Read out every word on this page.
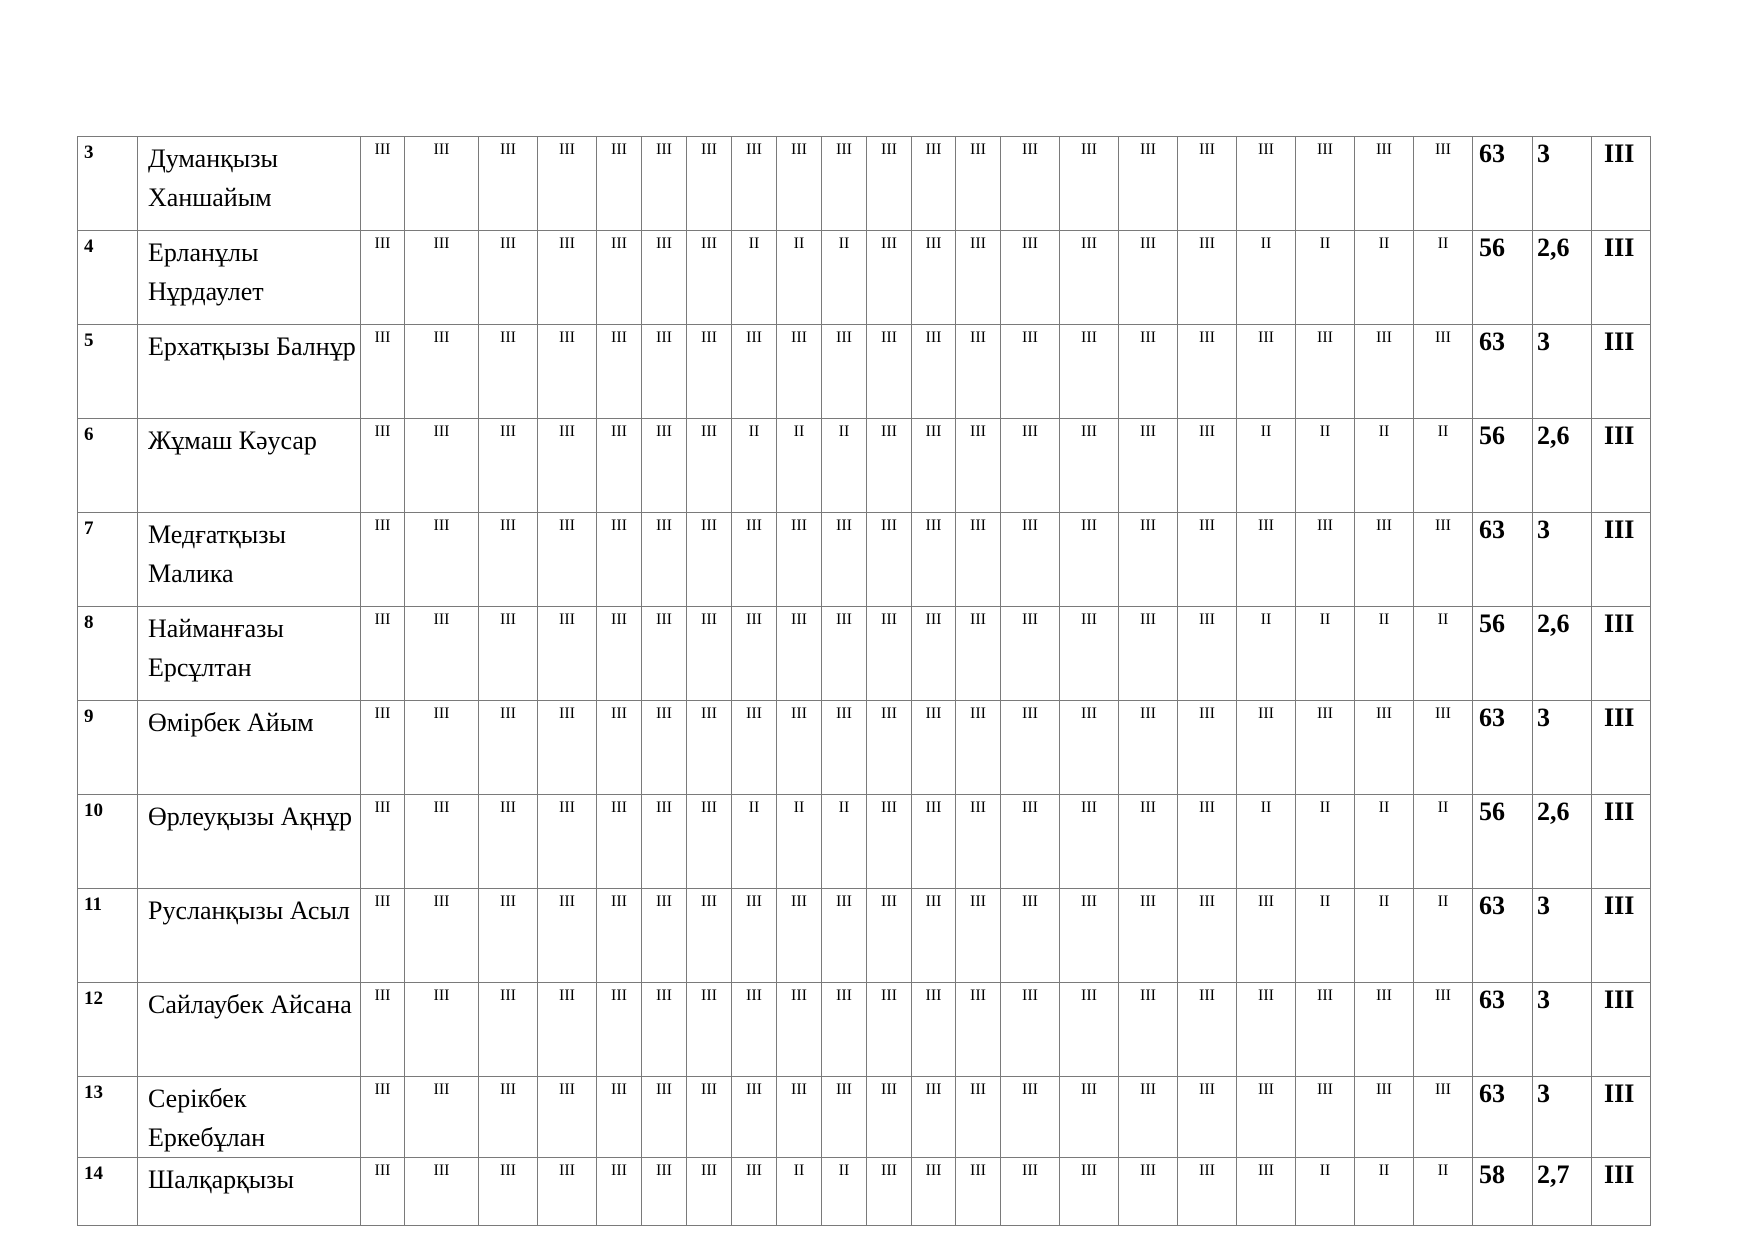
3	Думанқызы Ханшайым	ІІІ	ІІІ	ІІІ	ІІІ	ІІІ	ІІІ	ІІІ	ІІІ	ІІІ	ІІІ	ІІІ	ІІІ	ІІІ	ІІІ	ІІІ	ІІІ	ІІІ	ІІІ	ІІІ	ІІІ	ІІІ	63	3	ІІІ
4	Ерланұлы Нұрдаулет	ІІІ	ІІІ	ІІІ	ІІІ	ІІІ	ІІІ	ІІІ	ІІ	ІІ	ІІ	ІІІ	ІІІ	ІІІ	ІІІ	ІІІ	ІІІ	ІІІ	ІІ	ІІ	ІІ	ІІ	56	2,6	ІІІ
5	Ерхатқызы Балнұр	ІІІ	ІІІ	ІІІ	ІІІ	ІІІ	ІІІ	ІІІ	ІІІ	ІІІ	ІІІ	ІІІ	ІІІ	ІІІ	ІІІ	ІІІ	ІІІ	ІІІ	ІІІ	ІІІ	ІІІ	ІІІ	63	3	ІІІ
6	Жұмаш Кәусар	ІІІ	ІІІ	ІІІ	ІІІ	ІІІ	ІІІ	ІІІ	ІІ	ІІ	ІІ	ІІІ	ІІІ	ІІІ	ІІІ	ІІІ	ІІІ	ІІІ	ІІ	ІІ	ІІ	ІІ	56	2,6	ІІІ
7	Медғатқызы Малика	ІІІ	ІІІ	ІІІ	ІІІ	ІІІ	ІІІ	ІІІ	ІІІ	ІІІ	ІІІ	ІІІ	ІІІ	ІІІ	ІІІ	ІІІ	ІІІ	ІІІ	ІІІ	ІІІ	ІІІ	ІІІ	63	3	ІІІ
8	Найманғазы Ерсұлтан	ІІІ	ІІІ	ІІІ	ІІІ	ІІІ	ІІІ	ІІІ	ІІІ	ІІІ	ІІІ	ІІІ	ІІІ	ІІІ	ІІІ	ІІІ	ІІІ	ІІІ	ІІ	ІІ	ІІ	ІІ	56	2,6	ІІІ
9	Өмірбек Айым	ІІІ	ІІІ	ІІІ	ІІІ	ІІІ	ІІІ	ІІІ	ІІІ	ІІІ	ІІІ	ІІІ	ІІІ	ІІІ	ІІІ	ІІІ	ІІІ	ІІІ	ІІІ	ІІІ	ІІІ	ІІІ	63	3	ІІІ
10	Өрлеуқызы Ақнұр	ІІІ	ІІІ	ІІІ	ІІІ	ІІІ	ІІІ	ІІІ	ІІ	ІІ	ІІ	ІІІ	ІІІ	ІІІ	ІІІ	ІІІ	ІІІ	ІІІ	ІІ	ІІ	ІІ	ІІ	56	2,6	ІІІ
11	Русланқызы Асыл	ІІІ	ІІІ	ІІІ	ІІІ	ІІІ	ІІІ	ІІІ	ІІІ	ІІІ	ІІІ	ІІІ	ІІІ	ІІІ	ІІІ	ІІІ	ІІІ	ІІІ	ІІІ	ІІ	ІІ	ІІ	63	3	ІІІ
12	Сайлаубек Айсана	ІІІ	ІІІ	ІІІ	ІІІ	ІІІ	ІІІ	ІІІ	ІІІ	ІІІ	ІІІ	ІІІ	ІІІ	ІІІ	ІІІ	ІІІ	ІІІ	ІІІ	ІІІ	ІІІ	ІІІ	ІІІ	63	3	ІІІ
13	Серікбек Еркебұлан	ІІІ	ІІІ	ІІІ	ІІІ	ІІІ	ІІІ	ІІІ	ІІІ	ІІІ	ІІІ	ІІІ	ІІІ	ІІІ	ІІІ	ІІІ	ІІІ	ІІІ	ІІІ	ІІІ	ІІІ	ІІІ	63	3	ІІІ
14	Шалқарқызы	ІІІ	ІІІ	ІІІ	ІІІ	ІІІ	ІІІ	ІІІ	ІІІ	ІІ	ІІ	ІІІ	ІІІ	ІІІ	ІІІ	ІІІ	ІІІ	ІІІ	ІІІ	ІІ	ІІ	ІІ	58	2,7	ІІІ
